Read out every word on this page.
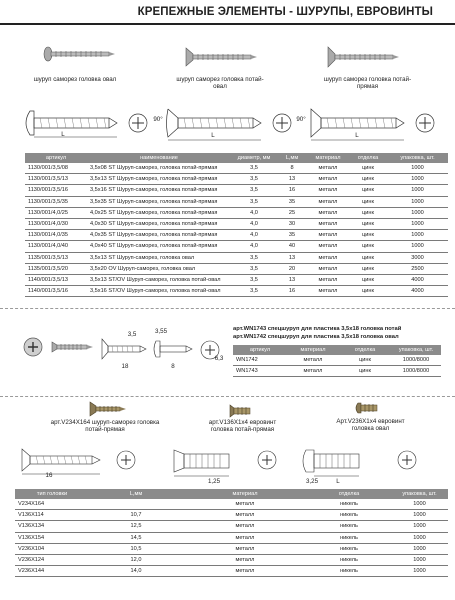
КРЕПЕЖНЫЕ ЭЛЕМЕНТЫ - ШУРУПЫ, ЕВРОВИНТЫ
шуруп саморез головка овал	шуруп саморез головка потай-овал
шуруп саморез головка потай-прямая
L
90°
L
90°
L
артикул	наименование	диаметр, мм	L,мм	материал	отделка	упаковка, шт.
1130/001/3,5/08	3,5х08 ST Шуруп-саморез, головка потай-прямая	3,5	8	металл	цинк	1000
1130/001/3,5/13	3,5х13 ST Шуруп-саморез, головка потай-прямая	3,5	13	металл	цинк	1000
1130/001/3,5/16	3,5х16 ST Шуруп-саморез, головка потай-прямая	3,5	16	металл	цинк	1000
1130/001/3,5/35	3,5х35 ST Шуруп-саморез, головка потай-прямая	3,5	35	металл	цинк	1000
1130/001/4,0/25	4,0х25 ST Шуруп-саморез, головка потай-прямая	4,0	25	металл	цинк	1000
1130/001/4,0/30	4,0х30 ST Шуруп-саморез, головка потай-прямая	4,0	30	металл	цинк	1000
1130/001/4,0/35	4,0х35 ST Шуруп-саморез, головка потай-прямая	4,0	35	металл	цинк	1000
1130/001/4,0/40	4,0х40 ST Шуруп-саморез, головка потай-прямая	4,0	40	металл	цинк	1000
1135/001/3,5/13	3,5х13 ST Шуруп-саморез, головка овал	3,5	13	металл	цинк	3000
1135/001/3,5/20	3,5х20 OV Шуруп-саморез, головка овал	3,5	20	металл	цинк	2500
1140/001/3,5/13	3,5х13 ST/OV Шуруп-саморез, головка потай-овал	3,5	13	металл	цинк	4000
1140/001/3,5/16	3,5х16 ST/OV Шуруп-саморез, головка потай-овал	3,5	16	металл	цинк	4000
3,5
18
3,55
8
6,3
арт.WN1743 спецшуруп для пластика 3,5х18 головка потай
арт.WN1742 спецшуруп для пластика 3,5х18 головка овал
артикул	материал	отделка	упаковка, шт.
WN1742	металл	цинк	1000/8000
WN1743	металл	цинк	1000/8000
арт.V234X164 шуруп-саморез головка потай-прямая
арт.V136X1x4 евровинт головка потай-прямая
Арт.V236X1x4 евровинт головка овал
16
1,25	3,25	L
тип головки	L,мм	материал	отделка	упаковка, шт.
V234X164		металл	никель	1000
V136X114	10,7	металл	никель	1000
V136X134	12,5	металл	никель	1000
V136X154	14,5	металл	никель	1000
V236X104	10,5	металл	никель	1000
V236X124	12,0	металл	никель	1000
V236X144	14,0	металл	никель	1000
